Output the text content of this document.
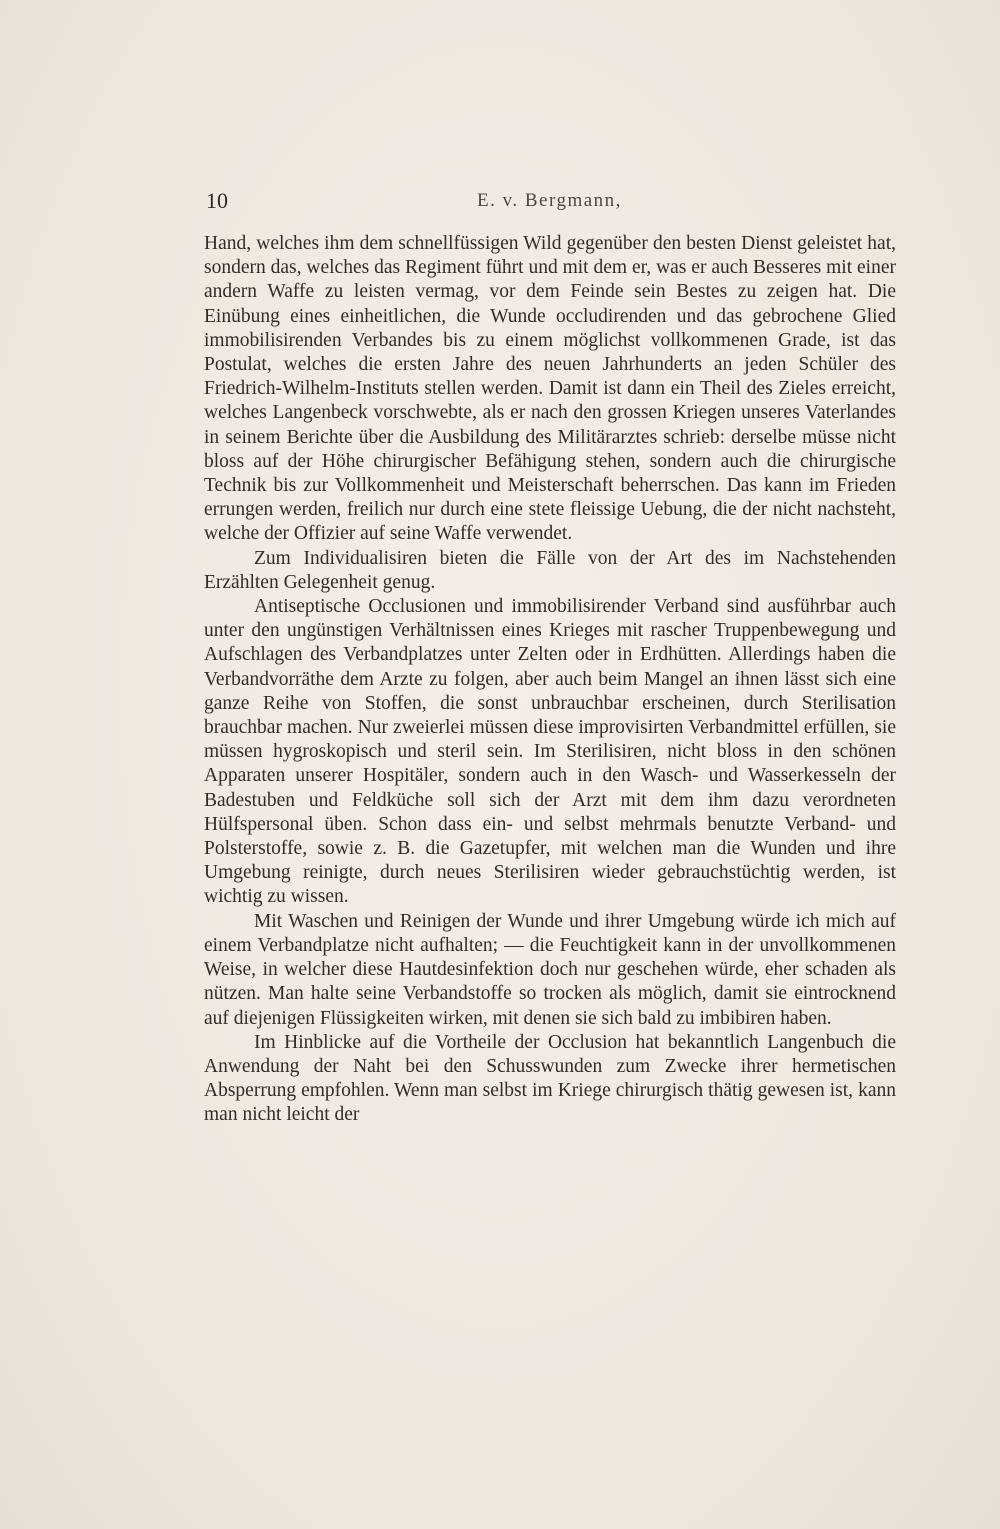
10	E. v. Bergmann,

Hand, welches ihm dem schnellfüssigen Wild gegenüber den besten Dienst geleistet hat, sondern das, welches das Regiment führt und mit dem er, was er auch Besseres mit einer andern Waffe zu leisten vermag, vor dem Feinde sein Bestes zu zeigen hat. Die Einübung eines einheitlichen, die Wunde occludirenden und das gebrochene Glied immobilisirenden Verbandes bis zu einem möglichst vollkommenen Grade, ist das Postulat, welches die ersten Jahre des neuen Jahrhunderts an jeden Schüler des Friedrich-Wilhelm-Instituts stellen werden. Damit ist dann ein Theil des Zieles erreicht, welches Langenbeck vorschwebte, als er nach den grossen Kriegen unseres Vaterlandes in seinem Berichte über die Ausbildung des Militärarztes schrieb: derselbe müsse nicht bloss auf der Höhe chirurgischer Befähigung stehen, sondern auch die chirurgische Technik bis zur Vollkommenheit und Meisterschaft beherrschen. Das kann im Frieden errungen werden, freilich nur durch eine stete fleissige Uebung, die der nicht nachsteht, welche der Offizier auf seine Waffe verwendet.

Zum Individualisiren bieten die Fälle von der Art des im Nachstehenden Erzählten Gelegenheit genug.

Antiseptische Occlusionen und immobilisirender Verband sind ausführbar auch unter den ungünstigen Verhältnissen eines Krieges mit rascher Truppenbewegung und Aufschlagen des Verbandplatzes unter Zelten oder in Erdhütten. Allerdings haben die Verbandvorräthe dem Arzte zu folgen, aber auch beim Mangel an ihnen lässt sich eine ganze Reihe von Stoffen, die sonst unbrauchbar erscheinen, durch Sterilisation brauchbar machen. Nur zweierlei müssen diese improvisirten Verbandmittel erfüllen, sie müssen hygroskopisch und steril sein. Im Sterilisiren, nicht bloss in den schönen Apparaten unserer Hospitäler, sondern auch in den Wasch- und Wasserkesseln der Badestuben und Feldküche soll sich der Arzt mit dem ihm dazu verordneten Hülfspersonal üben. Schon dass ein- und selbst mehrmals benutzte Verband- und Polsterstoffe, sowie z. B. die Gazetupfer, mit welchen man die Wunden und ihre Umgebung reinigte, durch neues Sterilisiren wieder gebrauchstüchtig werden, ist wichtig zu wissen.

Mit Waschen und Reinigen der Wunde und ihrer Umgebung würde ich mich auf einem Verbandplatze nicht aufhalten; — die Feuchtigkeit kann in der unvollkommenen Weise, in welcher diese Hautdesinfektion doch nur geschehen würde, eher schaden als nützen. Man halte seine Verbandstoffe so trocken als möglich, damit sie eintrocknend auf diejenigen Flüssigkeiten wirken, mit denen sie sich bald zu imbibiren haben.

Im Hinblicke auf die Vortheile der Occlusion hat bekanntlich Langenbuch die Anwendung der Naht bei den Schusswunden zum Zwecke ihrer hermetischen Absperrung empfohlen. Wenn man selbst im Kriege chirurgisch thätig gewesen ist, kann man nicht leicht der
